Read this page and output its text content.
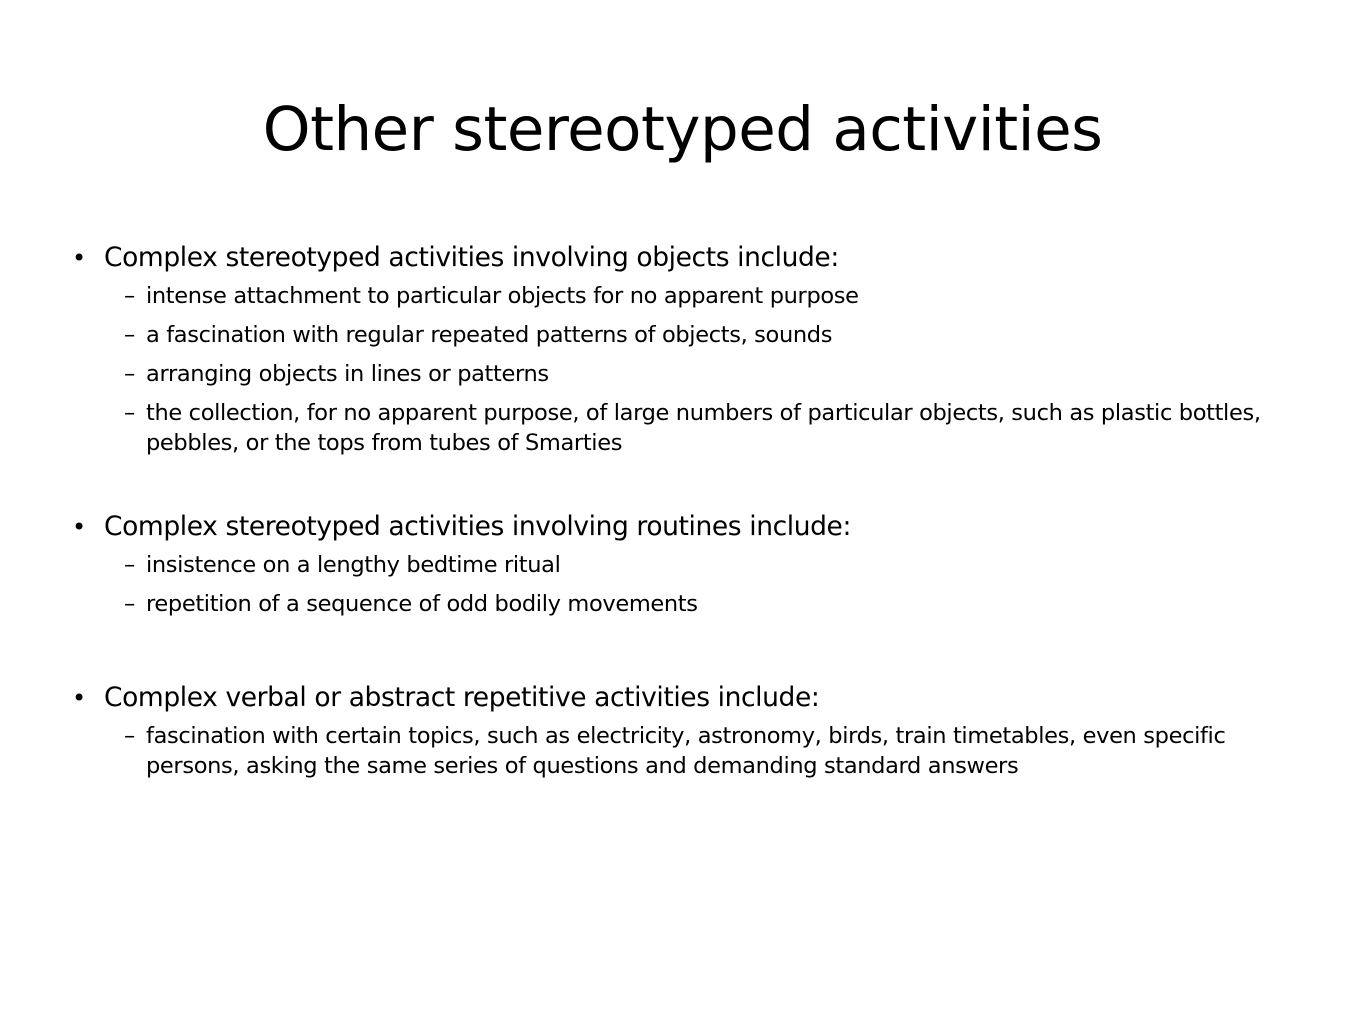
Other stereotyped activities
• Complex stereotyped activities involving objects include:
– intense attachment to particular objects for no apparent purpose
– a fascination with regular repeated patterns of objects, sounds
– arranging objects in lines or patterns
– the collection, for no apparent purpose, of large numbers of particular objects, such as plastic bottles, pebbles, or the tops from tubes of Smarties
• Complex stereotyped activities involving routines include:
– insistence on a lengthy bedtime ritual
– repetition of a sequence of odd bodily movements
• Complex verbal or abstract repetitive activities include:
– fascination with certain topics, such as electricity, astronomy, birds, train timetables, even specific persons, asking the same series of questions and demanding standard answers
